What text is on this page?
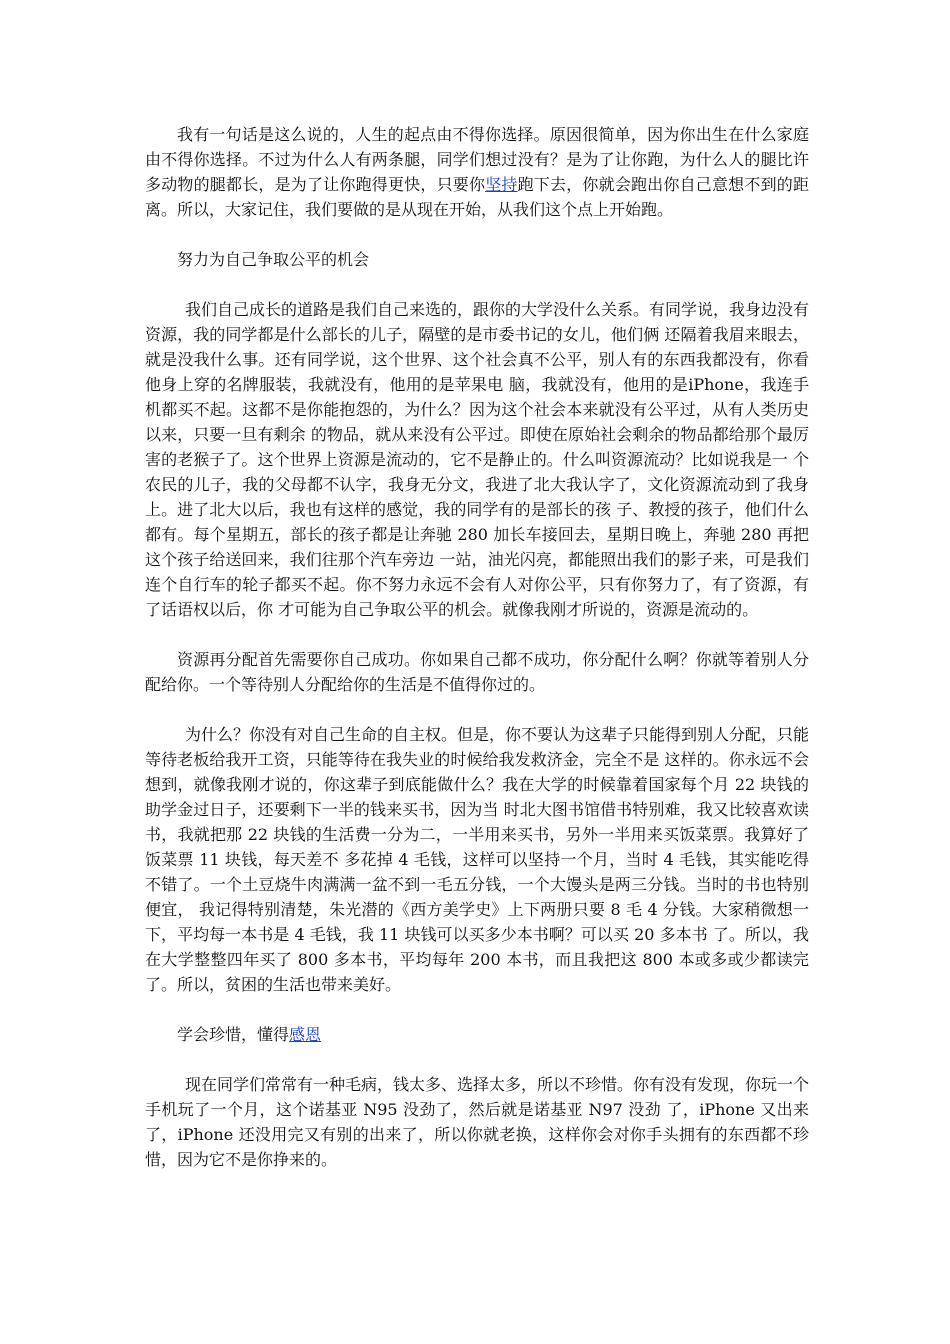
我有一句话是这么说的，人生的起点由不得你选择。原因很简单，因为你出生在什么家庭由不得你选择。不过为什么人有两条腿，同学们想过没有？是为了让你跑，为什么人的腿比许多动物的腿都长，是为了让你跑得更快，只要你坚持跑下去，你就会跑出你自己意想不到的距离。所以，大家记住，我们要做的是从现在开始，从我们这个点上开始跑。

努力为自己争取公平的机会

我们自己成长的道路是我们自己来选的，跟你的大学没什么关系。有同学说，我身边没有资源，我的同学都是什么部长的儿子，隔壁的是市委书记的女儿，他们俩 还隔着我眉来眼去，就是没我什么事。还有同学说，这个世界、这个社会真不公平，别人有的东西我都没有，你看他身上穿的名牌服装，我就没有，他用的是苹果电 脑，我就没有，他用的是iPhone，我连手机都买不起。这都不是你能抱怨的，为什么？因为这个社会本来就没有公平过，从有人类历史以来，只要一旦有剩余 的物品，就从来没有公平过。即使在原始社会剩余的物品都给那个最厉害的老猴子了。这个世界上资源是流动的，它不是静止的。什么叫资源流动？比如说我是一 个农民的儿子，我的父母都不认字，我身无分文，我进了北大我认字了，文化资源流动到了我身上。进了北大以后，我也有这样的感觉，我的同学有的是部长的孩 子、教授的孩子，他们什么都有。每个星期五，部长的孩子都是让奔驰 280 加长车接回去，星期日晚上，奔驰 280 再把这个孩子给送回来，我们往那个汽车旁边 一站，油光闪亮，都能照出我们的影子来，可是我们连个自行车的轮子都买不起。你不努力永远不会有人对你公平，只有你努力了，有了资源，有了话语权以后，你 才可能为自己争取公平的机会。就像我刚才所说的，资源是流动的。

资源再分配首先需要你自己成功。你如果自己都不成功，你分配什么啊？你就等着别人分配给你。一个等待别人分配给你的生活是不值得你过的。

为什么？你没有对自己生命的自主权。但是，你不要认为这辈子只能得到别人分配，只能等待老板给我开工资，只能等待在我失业的时候给我发救济金，完全不是 这样的。你永远不会想到，就像我刚才说的，你这辈子到底能做什么？我在大学的时候靠着国家每个月 22 块钱的助学金过日子，还要剩下一半的钱来买书，因为当 时北大图书馆借书特别难，我又比较喜欢读书，我就把那 22 块钱的生活费一分为二，一半用来买书，另外一半用来买饭菜票。我算好了饭菜票 11 块钱，每天差不 多花掉 4 毛钱，这样可以坚持一个月，当时 4 毛钱，其实能吃得不错了。一个土豆烧牛肉满满一盆不到一毛五分钱，一个大馒头是两三分钱。当时的书也特别便宜， 我记得特别清楚，朱光潜的《西方美学史》上下两册只要 8 毛 4 分钱。大家稍微想一下，平均每一本书是 4 毛钱，我 11 块钱可以买多少本书啊？可以买 20 多本书 了。所以，我在大学整整四年买了 800 多本书，平均每年 200 本书，而且我把这 800 本或多或少都读完了。所以，贫困的生活也带来美好。

学会珍惜，懂得感恩

现在同学们常常有一种毛病，钱太多、选择太多，所以不珍惜。你有没有发现，你玩一个手机玩了一个月，这个诺基亚 N95 没劲了，然后就是诺基亚 N97 没劲 了，iPhone 又出来了，iPhone 还没用完又有别的出来了，所以你就老换，这样你会对你手头拥有的东西都不珍惜，因为它不是你挣来的。
